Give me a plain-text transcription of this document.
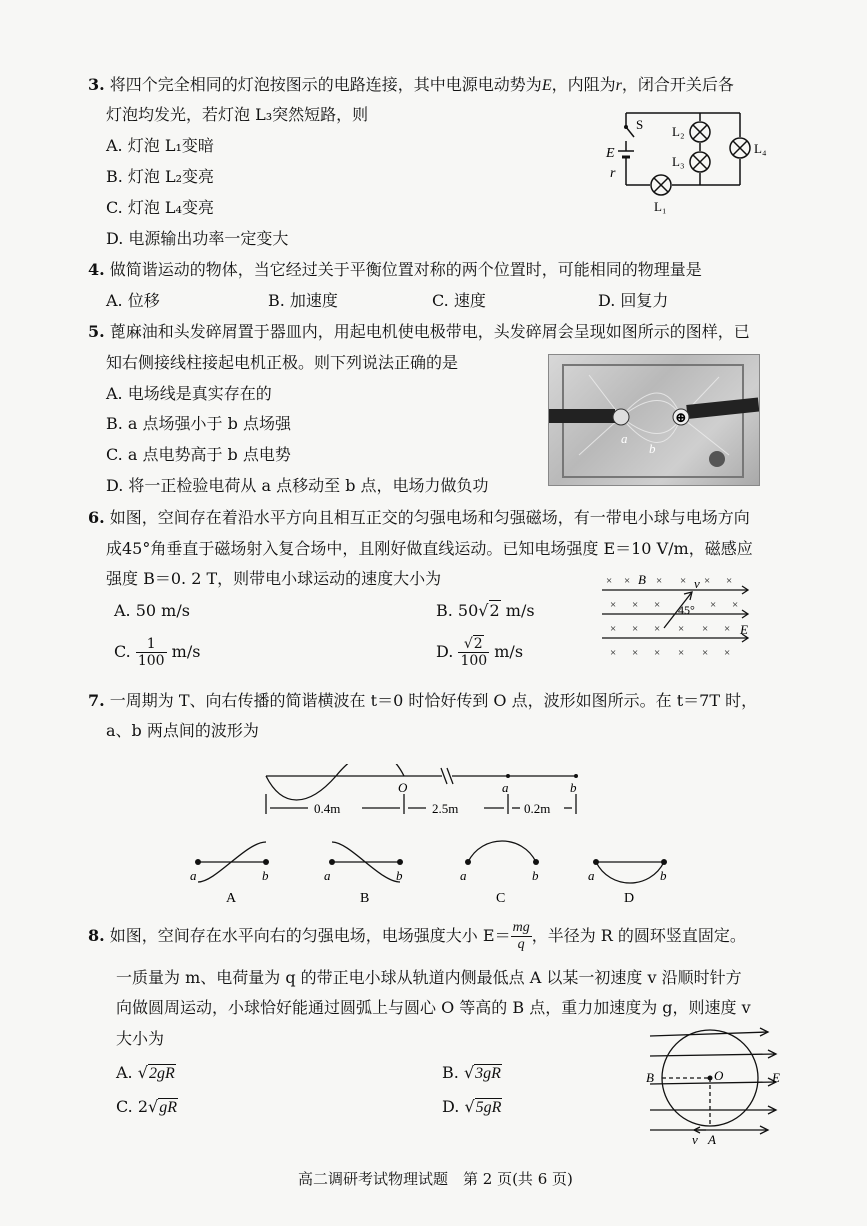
3. 将四个完全相同的灯泡按图示的电路连接，其中电源电动势为E，内阻为r，闭合开关后各
灯泡均发光，若灯泡 L₃突然短路，则
A. 灯泡 L₁变暗
B. 灯泡 L₂变亮
C. 灯泡 L₄变亮
D. 电源输出功率一定变大
S
E
r
L₂
L₃
L₄
L₁
4. 做简谐运动的物体，当它经过关于平衡位置对称的两个位置时，可能相同的物理量是
A. 位移	B. 加速度	C. 速度	D. 回复力
5. 蓖麻油和头发碎屑置于器皿内，用起电机使电极带电，头发碎屑会呈现如图所示的图样，已
知右侧接线柱接起电机正极。则下列说法正确的是
A. 电场线是真实存在的
B. a 点场强小于 b 点场强
C. a 点电势高于 b 点电势
D. 将一正检验电荷从 a 点移动至 b 点，电场力做负功
⊕
a
b
6. 如图，空间存在着沿水平方向且相互正交的匀强电场和匀强磁场，有一带电小球与电场方向
成45°角垂直于磁场射入复合场中，且刚好做直线运动。已知电场强度 E＝10 V/m，磁感应
强度 B＝0. 2 T，则带电小球运动的速度大小为
A. 50 m/s	B. 50√2 m/s
C. $\frac{1}{100} m/s$	D. $\frac{√2}{100} m/s$
× × × × × ×
× × ×	× ×
× × × × × ×
× × × × × ×
B	v
45°
E
7. 一周期为 T、向右传播的简谐横波在 t＝0 时恰好传到 O 点，波形如图所示。在 t＝7T 时，
a、b 两点间的波形为
O	a	b
0.4m	2.5m	0.2m
a	b
A
a	b
B
a	b
C
a	b
D
8. 如图，空间存在水平向右的匀强电场，电场强度大小 $E= \frac{mg}{q}$ ，半径为 R 的圆环竖直固定。
一质量为 m、电荷量为 q 的带正电小球从轨道内侧最低点 A 以某一初速度 v 沿顺时针方
向做圆周运动，小球恰好能通过圆弧上与圆心 O 等高的 B 点，重力加速度为 g，则速度 v
大小为
A. √2gR	B. √3gR
C. 2√gR	D. √5gR
B	O	E
v A
高二调研考试物理试题　第 2 页(共 6 页)
